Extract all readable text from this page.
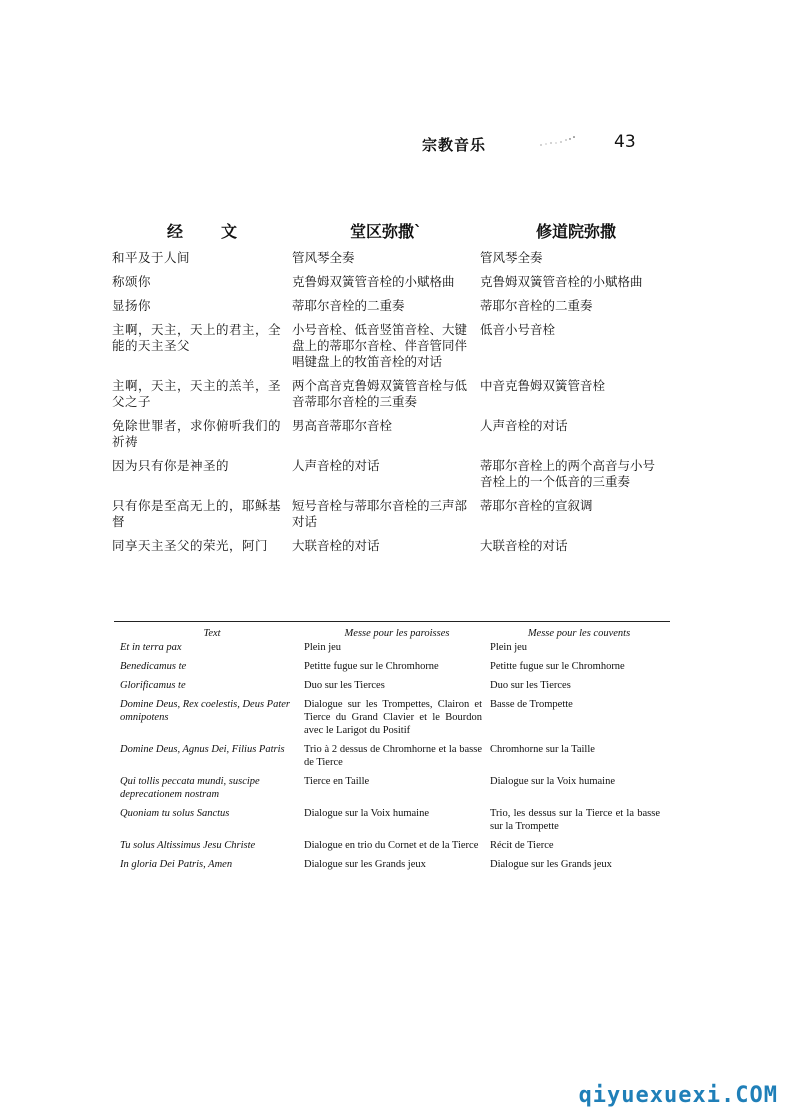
宗教音乐	43
经文	堂区弥撒`	修道院弥撒
和平及于人间	管风琴全奏	管风琴全奏
称颂你	克鲁姆双簧管音栓的小赋格曲	克鲁姆双簧管音栓的小赋格曲
显扬你	蒂耶尔音栓的二重奏	蒂耶尔音栓的二重奏
主啊，天主，天上的君主，全能的天主圣父	小号音栓、低音竖笛音栓、大键盘上的蒂耶尔音栓、伴音管同伴唱键盘上的牧笛音栓的对话	低音小号音栓
主啊，天主，天主的羔羊，圣父之子	两个高音克鲁姆双簧管音栓与低音蒂耶尔音栓的三重奏	中音克鲁姆双簧管音栓
免除世罪者，求你俯听我们的祈祷	男高音蒂耶尔音栓	人声音栓的对话
因为只有你是神圣的	人声音栓的对话	蒂耶尔音栓上的两个高音与小号音栓上的一个低音的三重奏
只有你是至高无上的，耶稣基督	短号音栓与蒂耶尔音栓的三声部对话	蒂耶尔音栓的宣叙调
同享天主圣父的荣光，阿门	大联音栓的对话	大联音栓的对话
Text	Messe pour les paroisses	Messe pour les couvents
Et in terra pax	Plein jeu	Plein jeu
Benedicamus te	Petitte fugue sur le Chromhorne	Petitte fugue sur le Chromhorne
Glorificamus te	Duo sur les Tierces	Duo sur les Tierces
Domine Deus, Rex coelestis, Deus Pater omnipotens	Dialogue sur les Trompettes, Clairon et Tierce du Grand Clavier et le Bourdon avec le Larigot du Positif	Basse de Trompette
Domine Deus, Agnus Dei, Filius Patris	Trio à 2 dessus de Chromhorne et la basse de Tierce	Chromhorne sur la Taille
Qui tollis peccata mundi, suscipe deprecationem nostram	Tierce en Taille	Dialogue sur la Voix humaine
Quoniam tu solus Sanctus	Dialogue sur la Voix humaine	Trio, les dessus sur la Tierce et la basse sur la Trompette
Tu solus Altissimus Jesu Christe	Dialogue en trio du Cornet et de la Tierce	Récit de Tierce
In gloria Dei Patris, Amen	Dialogue sur les Grands jeux	Dialogue sur les Grands jeux
qiyuexuexi.COM
